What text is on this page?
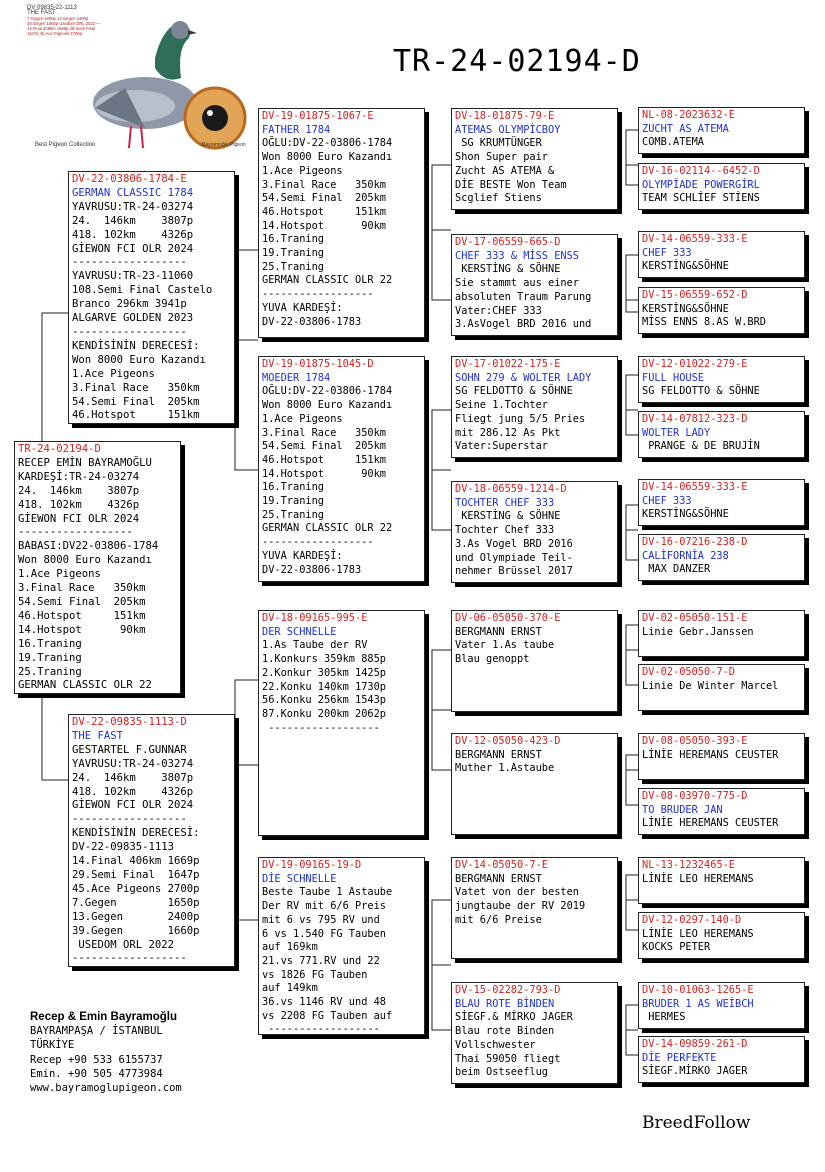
DV 09835-22-1113
THE FAST
7.Gegen 1650p 13.Gegen 2400p 39.Gegen 1660p Usedom ORL 2022 — 14.Final 406km 1669p 29.Semi Final 1647p 45.Ace Pigeons 2700p
Best Pigeon Collection	Bayramoğlu Pigeon
TR-24-02194-D
TR-24-02194-D
RECEP EMİN BAYRAMOĞLU
KARDEŞİ:TR-24-03274
24.  146km    3807p
418. 102km    4326p
GİEWON FCI OLR 2024
------------------
BABASI:DV22-03806-1784
Won 8000 Euro Kazandı
1.Ace Pigeons
3.Final Race   350km
54.Semi Final  205km
46.Hotspot     151km
14.Hotspot      90km
16.Traning
19.Traning
25.Traning
GERMAN CLASSIC OLR 22
DV-22-03806-1784-E
GERMAN CLASSIC 1784
YAVRUSU:TR-24-03274
24.  146km    3807p
418. 102km    4326p
GİEWON FCI OLR 2024
------------------
YAVRUSU:TR-23-11060
108.Semi Final Castelo
Branco 296km 3941p
ALGARVE GOLDEN 2023
------------------
KENDİSİNİN DERECESİ:
Won 8000 Euro Kazandı
1.Ace Pigeons
3.Final Race   350km
54.Semi Final  205km
46.Hotspot     151km
DV-22-09835-1113-D
THE FAST
GESTARTEL F.GUNNAR
YAVRUSU:TR-24-03274
24.  146km    3807p
418. 102km    4326p
GİEWON FCI OLR 2024
------------------
KENDİSİNİN DERECESİ:
DV-22-09835-1113
14.Final 406km 1669p
29.Semi Final  1647p
45.Ace Pigeons 2700p
7.Gegen        1650p
13.Gegen       2400p
39.Gegen       1660p
USEDOM ORL 2022
------------------
DV-19-01875-1067-E
FATHER 1784
OĞLU:DV-22-03806-1784
Won 8000 Euro Kazandı
1.Ace Pigeons
3.Final Race   350km
54.Semi Final  205km
46.Hotspot     151km
14.Hotspot      90km
16.Traning
19.Traning
25.Traning
GERMAN CLASSIC OLR 22
------------------
YUVA KARDEŞİ:
DV-22-03806-1783
DV-19-01875-1045-D
MOEDER 1784
OĞLU:DV-22-03806-1784
Won 8000 Euro Kazandı
1.Ace Pigeons
3.Final Race   350km
54.Semi Final  205km
46.Hotspot     151km
14.Hotspot      90km
16.Traning
19.Traning
25.Traning
GERMAN CLASSIC OLR 22
------------------
YUVA KARDEŞİ:
DV-22-03806-1783
DV-18-09165-995-E
DER SCHNELLE
1.As Taube der RV
1.Konkurs 359km 885p
2.Konkur 305km 1425p
22.Konku 140km 1730p
56.Konku 256km 1543p
87.Konku 200km 2062p
------------------
DV-19-09165-19-D
DİE SCHNELLE
Beste Taube 1 Astaube
Der RV mit 6/6 Preis
mit 6 vs 795 RV und
6 vs 1.540 FG Tauben
auf 169km
21.vs 771.RV und 22
vs 1826 FG Tauben
auf 149km
36.vs 1146 RV und 48
vs 2208 FG Tauben auf
------------------
DV-18-01875-79-E
ATEMAS OLYMPİCBOY
SG KRUMTÜNGER
Shon Super pair
Zucht AS ATEMA &
DİE BESTE Won Team
Scglief Stiens
DV-17-06559-665-D
CHEF 333 & MİSS ENSS
KERSTİNG & SÖHNE
Sie stammt aus einer
absoluten Traum Parung
Vater:CHEF 333
3.AsVogel BRD 2016 und
DV-17-01022-175-E
SOHN 279 & WOLTER LADY
SG FELDOTTO & SÖHNE
Seine 1.Tochter
Fliegt jung 5/5 Pries
mit 286.12 As Pkt
Vater:Superstar
DV-18-06559-1214-D
TOCHTER CHEF 333
KERSTİNG & SÖHNE
Tochter Chef 333
3.As Vogel BRD 2016
und Olympiade Teil-
nehmer Brüssel 2017
DV-06-05050-370-E
BERGMANN ERNST
Vater 1.As taube
Blau genoppt
DV-12-05050-423-D
BERGMANN ERNST
Muther 1.Astaube
DV-14-05050-7-E
BERGMANN ERNST
Vatet von der besten
jungtaube der RV 2019
mit 6/6 Preise
DV-15-02282-793-D
BLAU ROTE BİNDEN
SİEGF.& MİRKO JAGER
Blau rote Binden
Vollschwester
Thai 59050 fliegt
beim Ostseeflug
NL-08-2023632-E
ZUCHT AS ATEMA
COMB.ATEMA
DV-16-02114--6452-D
OLYMPİADE POWERGİRL
TEAM SCHLİEF STİENS
DV-14-06559-333-E
CHEF 333
KERSTİNG&SÖHNE
DV-15-06559-652-D
KERSTİNG&SÖHNE
MİSS ENNS 8.AS W.BRD
DV-12-01022-279-E
FULL HOUSE
SG FELDOTTO & SÖHNE
DV-14-07812-323-D
WOLTER LADY
PRANGE & DE BRUJİN
DV-14-06559-333-E
CHEF 333
KERSTİNG&SÖHNE
DV-16-07216-238-D
CALİFORNİA 238
MAX DANZER
DV-02-05050-151-E
Linie Gebr.Janssen
DV-02-05050-7-D
Linie De Winter Marcel
DV-08-05050-393-E
LİNİE HEREMANS CEUSTER
DV-08-03970-775-D
TO BRUDER JAN
LİNİE HEREMANS CEUSTER
NL-13-1232465-E
LİNİE LEO HEREMANS
DV-12-0297-140-D
LİNİE LEO HEREMANS
KOCKS PETER
DV-10-01063-1265-E
BRUDER 1 AS WEİBCH
HERMES
DV-14-09859-261-D
DİE PERFEKTE
SİEGF.MİRKO JAGER
Recep & Emin Bayramoğlu
BAYRAMPAŞA / İSTANBUL
TÜRKİYE
Recep +90 533 6155737
Emin. +90 505 4773984
www.bayramoglupigeon.com
BreedFollow
